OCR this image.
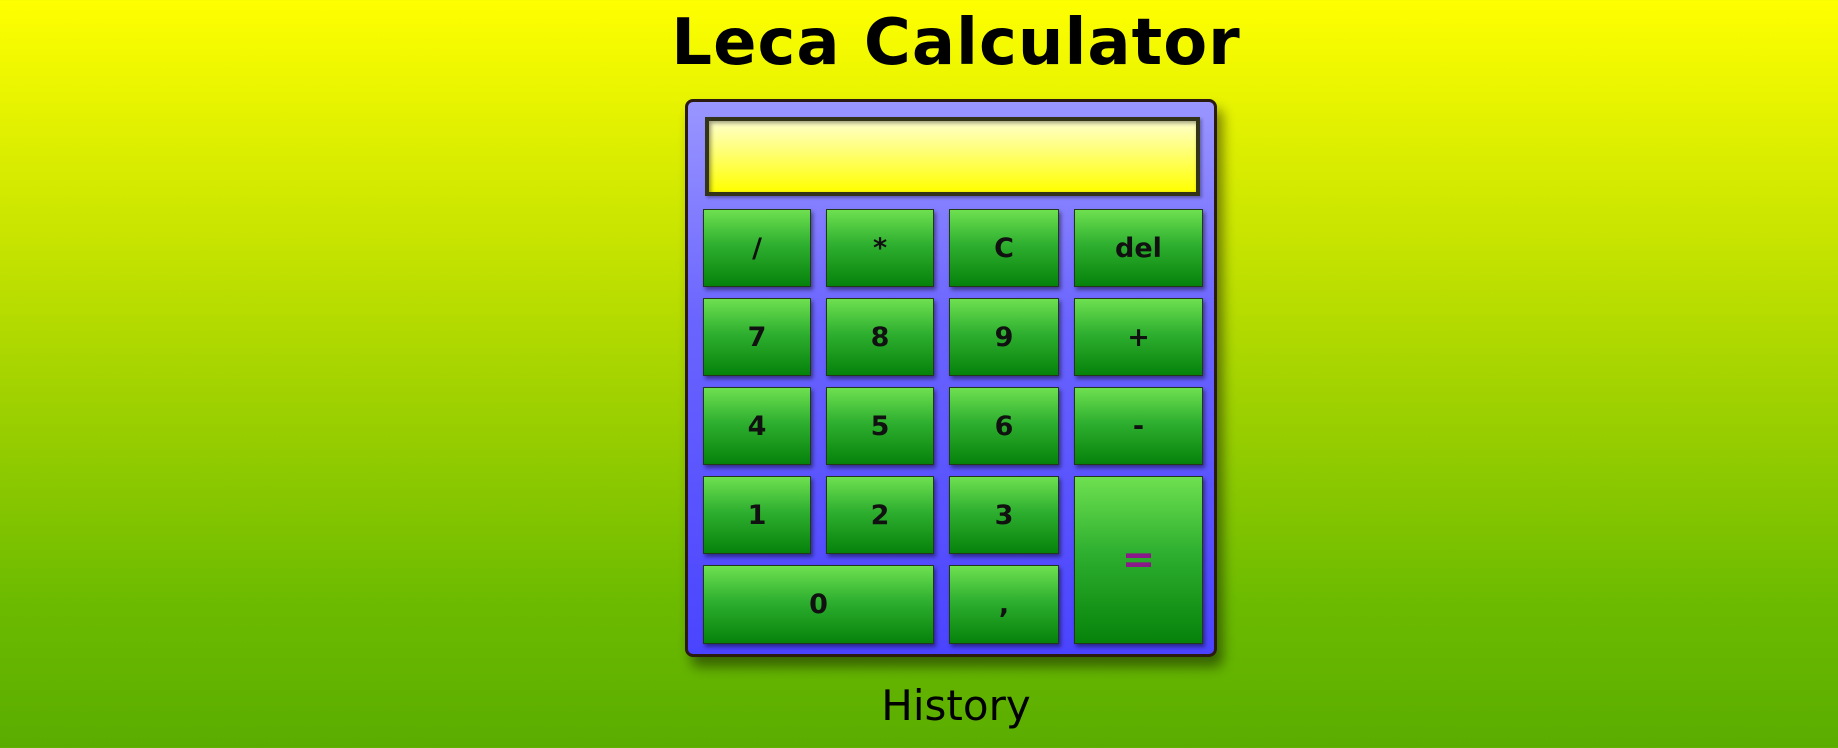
Leca Calculator
/	*	C	del
7	8	9	+
4	5	6	-
1	2	3
=
0	,
History
